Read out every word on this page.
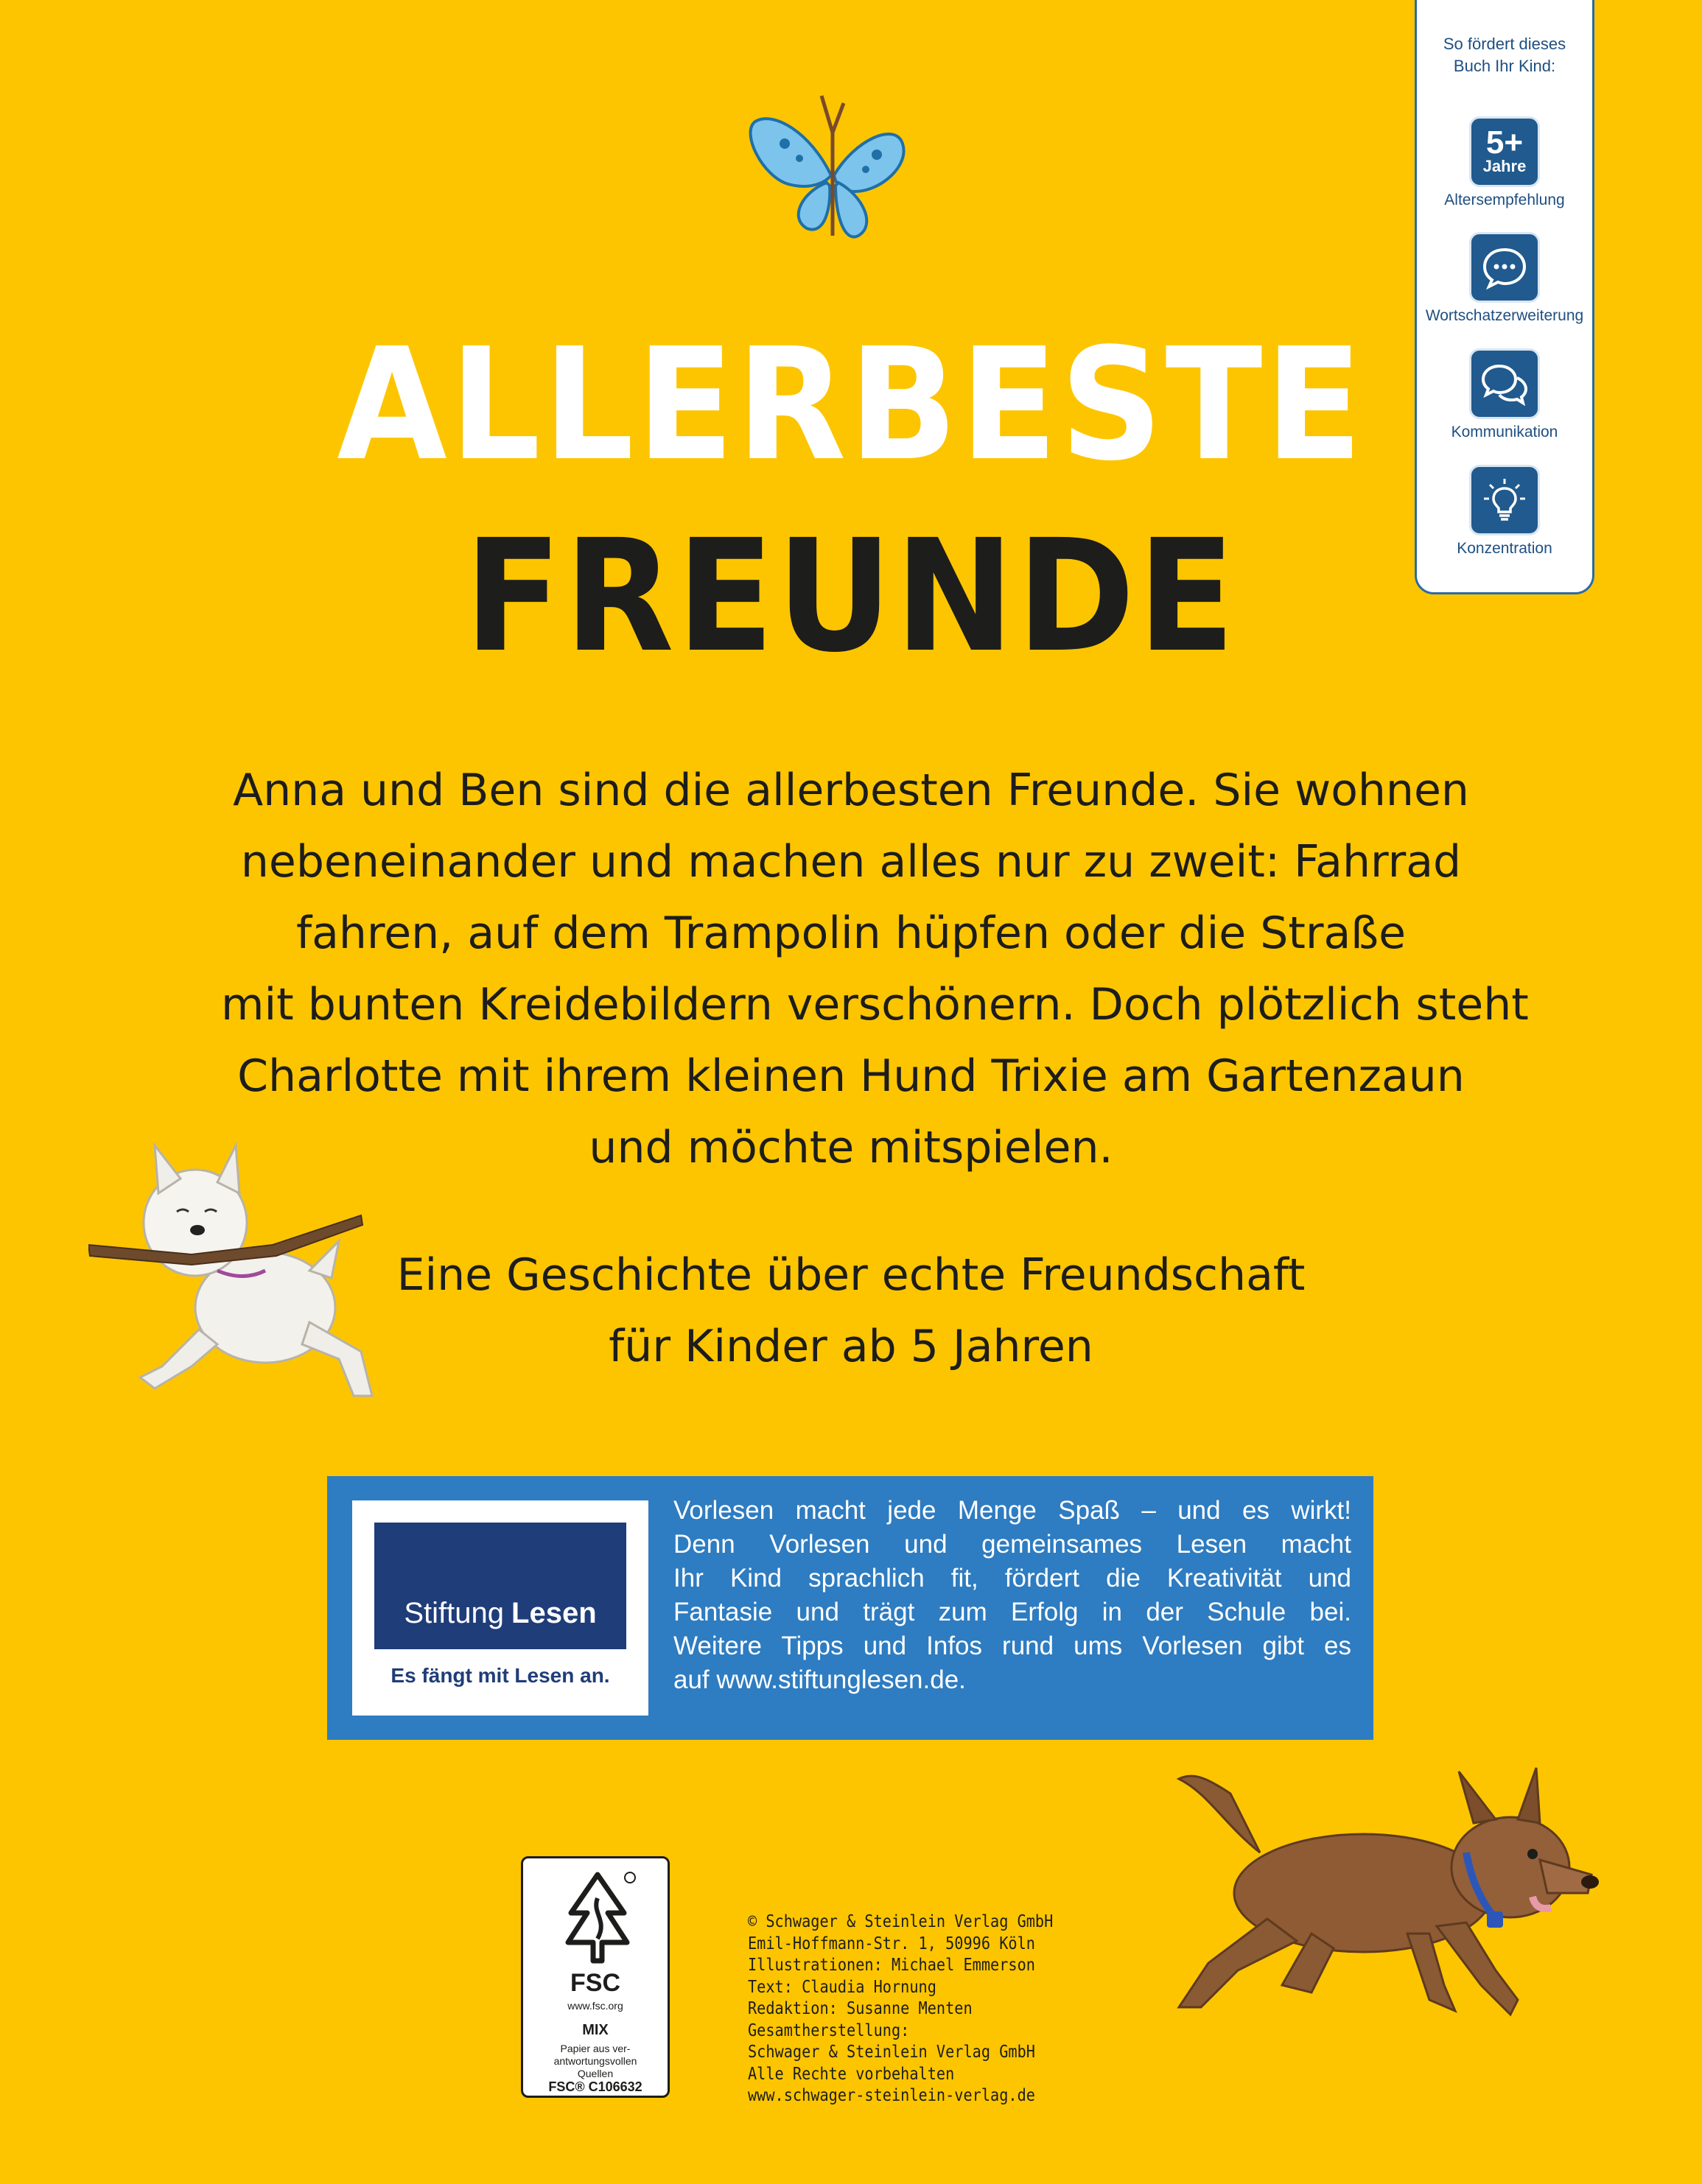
ALLERBESTE
FREUNDE
Anna und Ben sind die allerbesten Freunde. Sie wohnen
nebeneinander und machen alles nur zu zweit: Fahrrad
fahren, auf dem Trampolin hüpfen oder die Straße
mit bunten Kreidebildern verschönern. Doch plötzlich steht
Charlotte mit ihrem kleinen Hund Trixie am Gartenzaun
und möchte mitspielen.
Eine Geschichte über echte Freundschaft
für Kinder ab 5 Jahren
So fördert dieses
Buch Ihr Kind:
5+
Jahre
Altersempfehlung
Wortschatzerweiterung
Kommunikation
Konzentration
Stiftung Lesen
Es fängt mit Lesen an.
Vorlesen macht jede Menge Spaß – und es wirkt!
Denn Vorlesen und gemeinsames Lesen macht
Ihr Kind sprachlich fit, fördert die Kreativität und
Fantasie und trägt zum Erfolg in der Schule bei.
Weitere Tipps und Infos rund ums Vorlesen gibt es
auf www.stiftunglesen.de.
FSC
www.fsc.org
MIX
Papier aus ver-
antwortungsvollen
Quellen
FSC® C106632
© Schwager & Steinlein Verlag GmbH
Emil-Hoffmann-Str. 1, 50996 Köln
Illustrationen: Michael Emmerson
Text: Claudia Hornung
Redaktion: Susanne Menten
Gesamtherstellung:
Schwager & Steinlein Verlag GmbH
Alle Rechte vorbehalten
www.schwager-steinlein-verlag.de
